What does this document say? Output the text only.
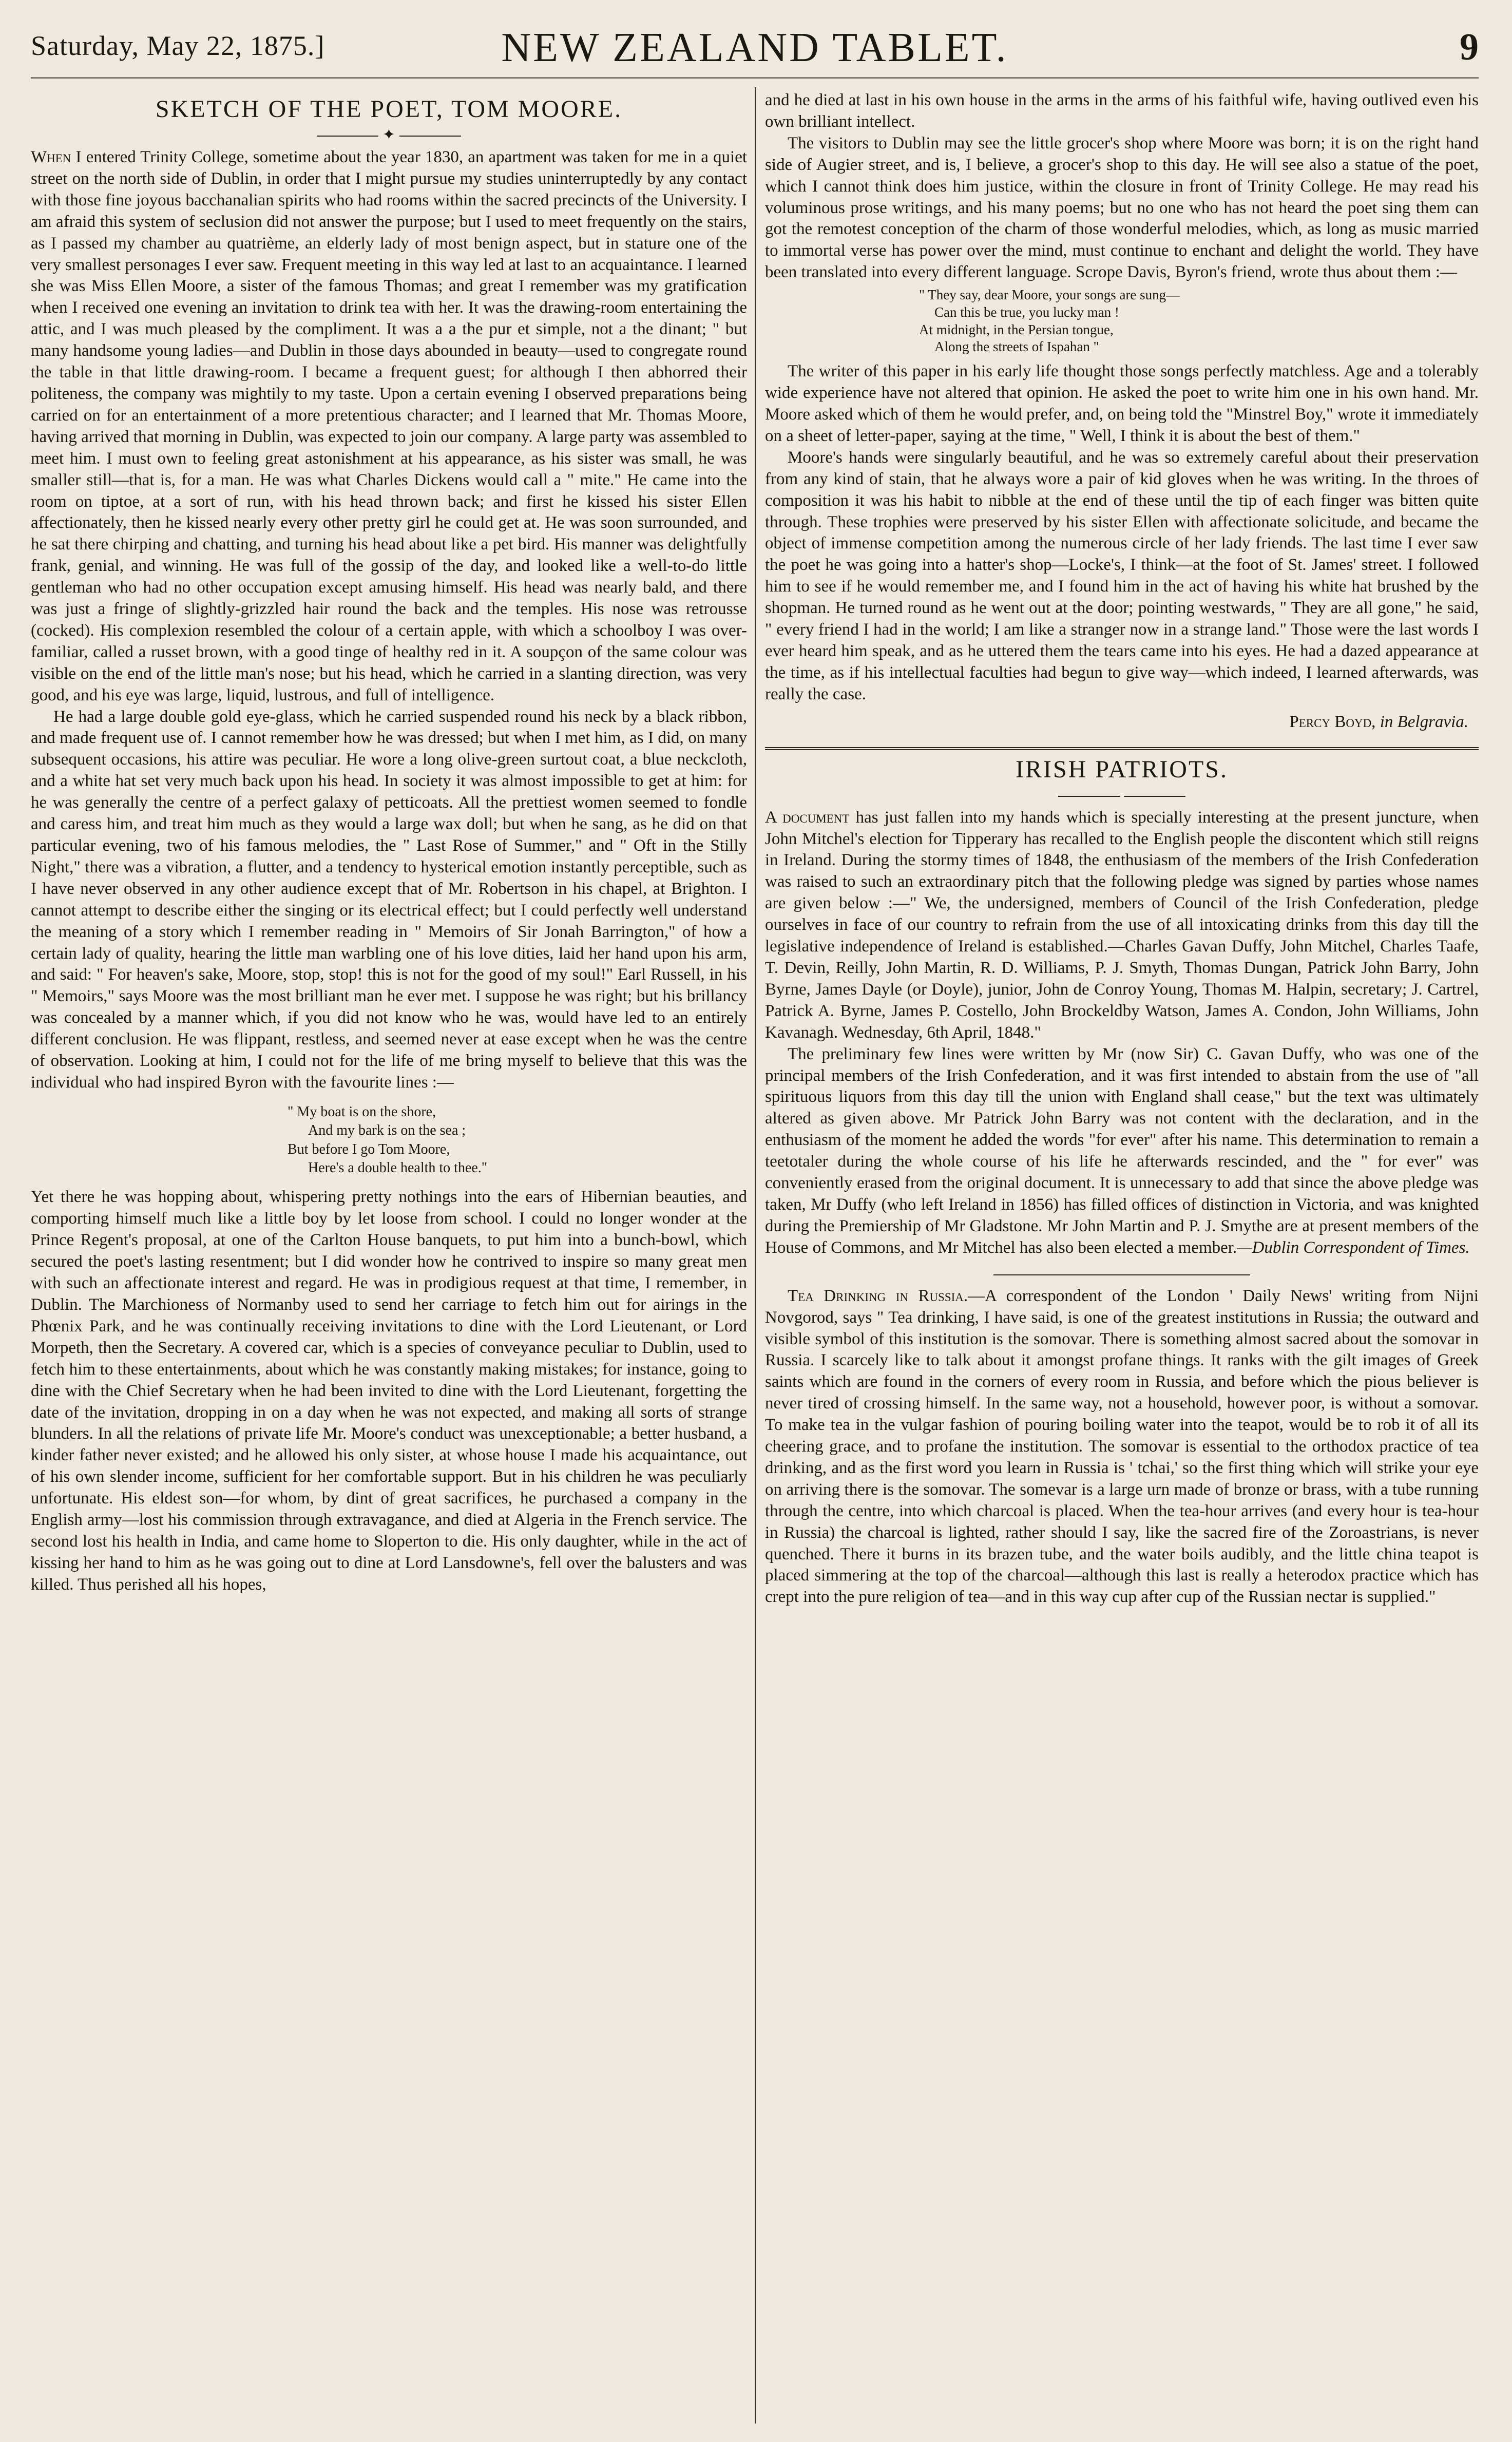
Saturday, May 22, 1875.]	NEW ZEALAND TABLET.	9
SKETCH OF THE POET, TOM MOORE.
✦

When I entered Trinity College, sometime about the year 1830, an apartment was taken for me in a quiet street on the north side of Dublin, in order that I might pursue my studies uninterruptedly by any contact with those fine joyous bacchanalian spirits who had rooms within the sacred precincts of the University. I am afraid this system of seclusion did not answer the purpose; but I used to meet frequently on the stairs, as I passed my chamber au quatrième, an elderly lady of most benign aspect, but in stature one of the very smallest personages I ever saw. Frequent meeting in this way led at last to an acquaintance. I learned she was Miss Ellen Moore, a sister of the famous Thomas; and great I remember was my gratification when I received one evening an invitation to drink tea with her. It was the drawing-room entertaining the attic, and I was much pleased by the compliment. It was a a the pur et simple, not a the dinant; " but many handsome young ladies—and Dublin in those days abounded in beauty—used to congregate round the table in that little drawing-room. I became a frequent guest; for although I then abhorred their politeness, the company was mightily to my taste. Upon a certain evening I observed preparations being carried on for an entertainment of a more pretentious character; and I learned that Mr. Thomas Moore, having arrived that morning in Dublin, was expected to join our company. A large party was assembled to meet him. I must own to feeling great astonishment at his appearance, as his sister was small, he was smaller still—that is, for a man. He was what Charles Dickens would call a " mite." He came into the room on tiptoe, at a sort of run, with his head thrown back; and first he kissed his sister Ellen affectionately, then he kissed nearly every other pretty girl he could get at. He was soon surrounded, and he sat there chirping and chatting, and turning his head about like a pet bird. His manner was delightfully frank, genial, and winning. He was full of the gossip of the day, and looked like a well-to-do little gentleman who had no other occupation except amusing himself. His head was nearly bald, and there was just a fringe of slightly-grizzled hair round the back and the temples. His nose was retrousse (cocked). His complexion resembled the colour of a certain apple, with which a schoolboy I was over-familiar, called a russet brown, with a good tinge of healthy red in it. A soupçon of the same colour was visible on the end of the little man's nose; but his head, which he carried in a slanting direction, was very good, and his eye was large, liquid, lustrous, and full of intelligence.

He had a large double gold eye-glass, which he carried suspended round his neck by a black ribbon, and made frequent use of. I cannot remember how he was dressed; but when I met him, as I did, on many subsequent occasions, his attire was peculiar. He wore a long olive-green surtout coat, a blue neckcloth, and a white hat set very much back upon his head. In society it was almost impossible to get at him: for he was generally the centre of a perfect galaxy of petticoats. All the prettiest women seemed to fondle and caress him, and treat him much as they would a large wax doll; but when he sang, as he did on that particular evening, two of his famous melodies, the " Last Rose of Summer," and " Oft in the Stilly Night," there was a vibration, a flutter, and a tendency to hysterical emotion instantly perceptible, such as I have never observed in any other audience except that of Mr. Robertson in his chapel, at Brighton. I cannot attempt to describe either the singing or its electrical effect; but I could perfectly well understand the meaning of a story which I remember reading in " Memoirs of Sir Jonah Barrington," of how a certain lady of quality, hearing the little man warbling one of his love dities, laid her hand upon his arm, and said: " For heaven's sake, Moore, stop, stop! this is not for the good of my soul!" Earl Russell, in his " Memoirs," says Moore was the most brilliant man he ever met. I suppose he was right; but his brillancy was concealed by a manner which, if you did not know who he was, would have led to an entirely different conclusion. He was flippant, restless, and seemed never at ease except when he was the centre of observation. Looking at him, I could not for the life of me bring myself to believe that this was the individual who had inspired Byron with the favourite lines :—

" My boat is on the shore,
And my bark is on the sea ;
But before I go Tom Moore,
Here's a double health to thee."

Yet there he was hopping about, whispering pretty nothings into the ears of Hibernian beauties, and comporting himself much like a little boy by let loose from school. I could no longer wonder at the Prince Regent's proposal, at one of the Carlton House banquets, to put him into a bunch-bowl, which secured the poet's lasting resentment; but I did wonder how he contrived to inspire so many great men with such an affectionate interest and regard. He was in prodigious request at that time, I remember, in Dublin. The Marchioness of Normanby used to send her carriage to fetch him out for airings in the Phœnix Park, and he was continually receiving invitations to dine with the Lord Lieutenant, or Lord Morpeth, then the Secretary. A covered car, which is a species of conveyance peculiar to Dublin, used to fetch him to these entertainments, about which he was constantly making mistakes; for instance, going to dine with the Chief Secretary when he had been invited to dine with the Lord Lieutenant, forgetting the date of the invitation, dropping in on a day when he was not expected, and making all sorts of strange blunders. In all the relations of private life Mr. Moore's conduct was unexceptionable; a better husband, a kinder father never existed; and he allowed his only sister, at whose house I made his acquaintance, out of his own slender income, sufficient for her comfortable support. But in his children he was peculiarly unfortunate. His eldest son—for whom, by dint of great sacrifices, he purchased a company in the English army—lost his commission through extravagance, and died at Algeria in the French service. The second lost his health in India, and came home to Sloperton to die. His only daughter, while in the act of kissing her hand to him as he was going out to dine at Lord Lansdowne's, fell over the balusters and was killed. Thus perished all his hopes,

and he died at last in his own house in the arms in the arms of his faithful wife, having outlived even his own brilliant intellect.

The visitors to Dublin may see the little grocer's shop where Moore was born; it is on the right hand side of Augier street, and is, I believe, a grocer's shop to this day. He will see also a statue of the poet, which I cannot think does him justice, within the closure in front of Trinity College. He may read his voluminous prose writings, and his many poems; but no one who has not heard the poet sing them can got the remotest conception of the charm of those wonderful melodies, which, as long as music married to immortal verse has power over the mind, must continue to enchant and delight the world. They have been translated into every different language. Scrope Davis, Byron's friend, wrote thus about them :—

" They say, dear Moore, your songs are sung—
Can this be true, you lucky man !
At midnight, in the Persian tongue,
Along the streets of Ispahan "

The writer of this paper in his early life thought those songs perfectly matchless. Age and a tolerably wide experience have not altered that opinion. He asked the poet to write him one in his own hand. Mr. Moore asked which of them he would prefer, and, on being told the "Minstrel Boy," wrote it immediately on a sheet of letter-paper, saying at the time, " Well, I think it is about the best of them."

Moore's hands were singularly beautiful, and he was so extremely careful about their preservation from any kind of stain, that he always wore a pair of kid gloves when he was writing. In the throes of composition it was his habit to nibble at the end of these until the tip of each finger was bitten quite through. These trophies were preserved by his sister Ellen with affectionate solicitude, and became the object of immense competition among the numerous circle of her lady friends. The last time I ever saw the poet he was going into a hatter's shop—Locke's, I think—at the foot of St. James' street. I followed him to see if he would remember me, and I found him in the act of having his white hat brushed by the shopman. He turned round as he went out at the door; pointing westwards, " They are all gone," he said, " every friend I had in the world; I am like a stranger now in a strange land." Those were the last words I ever heard him speak, and as he uttered them the tears came into his eyes. He had a dazed appearance at the time, as if his intellectual faculties had begun to give way—which indeed, I learned afterwards, was really the case.

Percy Boyd, in Belgravia.
IRISH PATRIOTS.

A document has just fallen into my hands which is specially interesting at the present juncture, when John Mitchel's election for Tipperary has recalled to the English people the discontent which still reigns in Ireland. During the stormy times of 1848, the enthusiasm of the members of the Irish Confederation was raised to such an extraordinary pitch that the following pledge was signed by parties whose names are given below :—" We, the undersigned, members of Council of the Irish Confederation, pledge ourselves in face of our country to refrain from the use of all intoxicating drinks from this day till the legislative independence of Ireland is established.—Charles Gavan Duffy, John Mitchel, Charles Taafe, T. Devin, Reilly, John Martin, R. D. Williams, P. J. Smyth, Thomas Dungan, Patrick John Barry, John Byrne, James Dayle (or Doyle), junior, John de Conroy Young, Thomas M. Halpin, secretary; J. Cartrel, Patrick A. Byrne, James P. Costello, John Brockeldby Watson, James A. Condon, John Williams, John Kavanagh. Wednesday, 6th April, 1848."

The preliminary few lines were written by Mr (now Sir) C. Gavan Duffy, who was one of the principal members of the Irish Confederation, and it was first intended to abstain from the use of "all spirituous liquors from this day till the union with England shall cease," but the text was ultimately altered as given above. Mr Patrick John Barry was not content with the declaration, and in the enthusiasm of the moment he added the words "for ever" after his name. This determination to remain a teetotaler during the whole course of his life he afterwards rescinded, and the " for ever" was conveniently erased from the original document. It is unnecessary to add that since the above pledge was taken, Mr Duffy (who left Ireland in 1856) has filled offices of distinction in Victoria, and was knighted during the Premiership of Mr Gladstone. Mr John Martin and P. J. Smythe are at present members of the House of Commons, and Mr Mitchel has also been elected a member.—Dublin Correspondent of Times.

Tea Drinking in Russia.—A correspondent of the London ' Daily News' writing from Nijni Novgorod, says " Tea drinking, I have said, is one of the greatest institutions in Russia; the outward and visible symbol of this institution is the somovar. There is something almost sacred about the somovar in Russia. I scarcely like to talk about it amongst profane things. It ranks with the gilt images of Greek saints which are found in the corners of every room in Russia, and before which the pious believer is never tired of crossing himself. In the same way, not a household, however poor, is without a somovar. To make tea in the vulgar fashion of pouring boiling water into the teapot, would be to rob it of all its cheering grace, and to profane the institution. The somovar is essential to the orthodox practice of tea drinking, and as the first word you learn in Russia is ' tchai,' so the first thing which will strike your eye on arriving there is the somovar. The somevar is a large urn made of bronze or brass, with a tube running through the centre, into which charcoal is placed. When the tea-hour arrives (and every hour is tea-hour in Russia) the charcoal is lighted, rather should I say, like the sacred fire of the Zoroastrians, is never quenched. There it burns in its brazen tube, and the water boils audibly, and the little china teapot is placed simmering at the top of the charcoal—although this last is really a heterodox practice which has crept into the pure religion of tea—and in this way cup after cup of the Russian nectar is supplied."
